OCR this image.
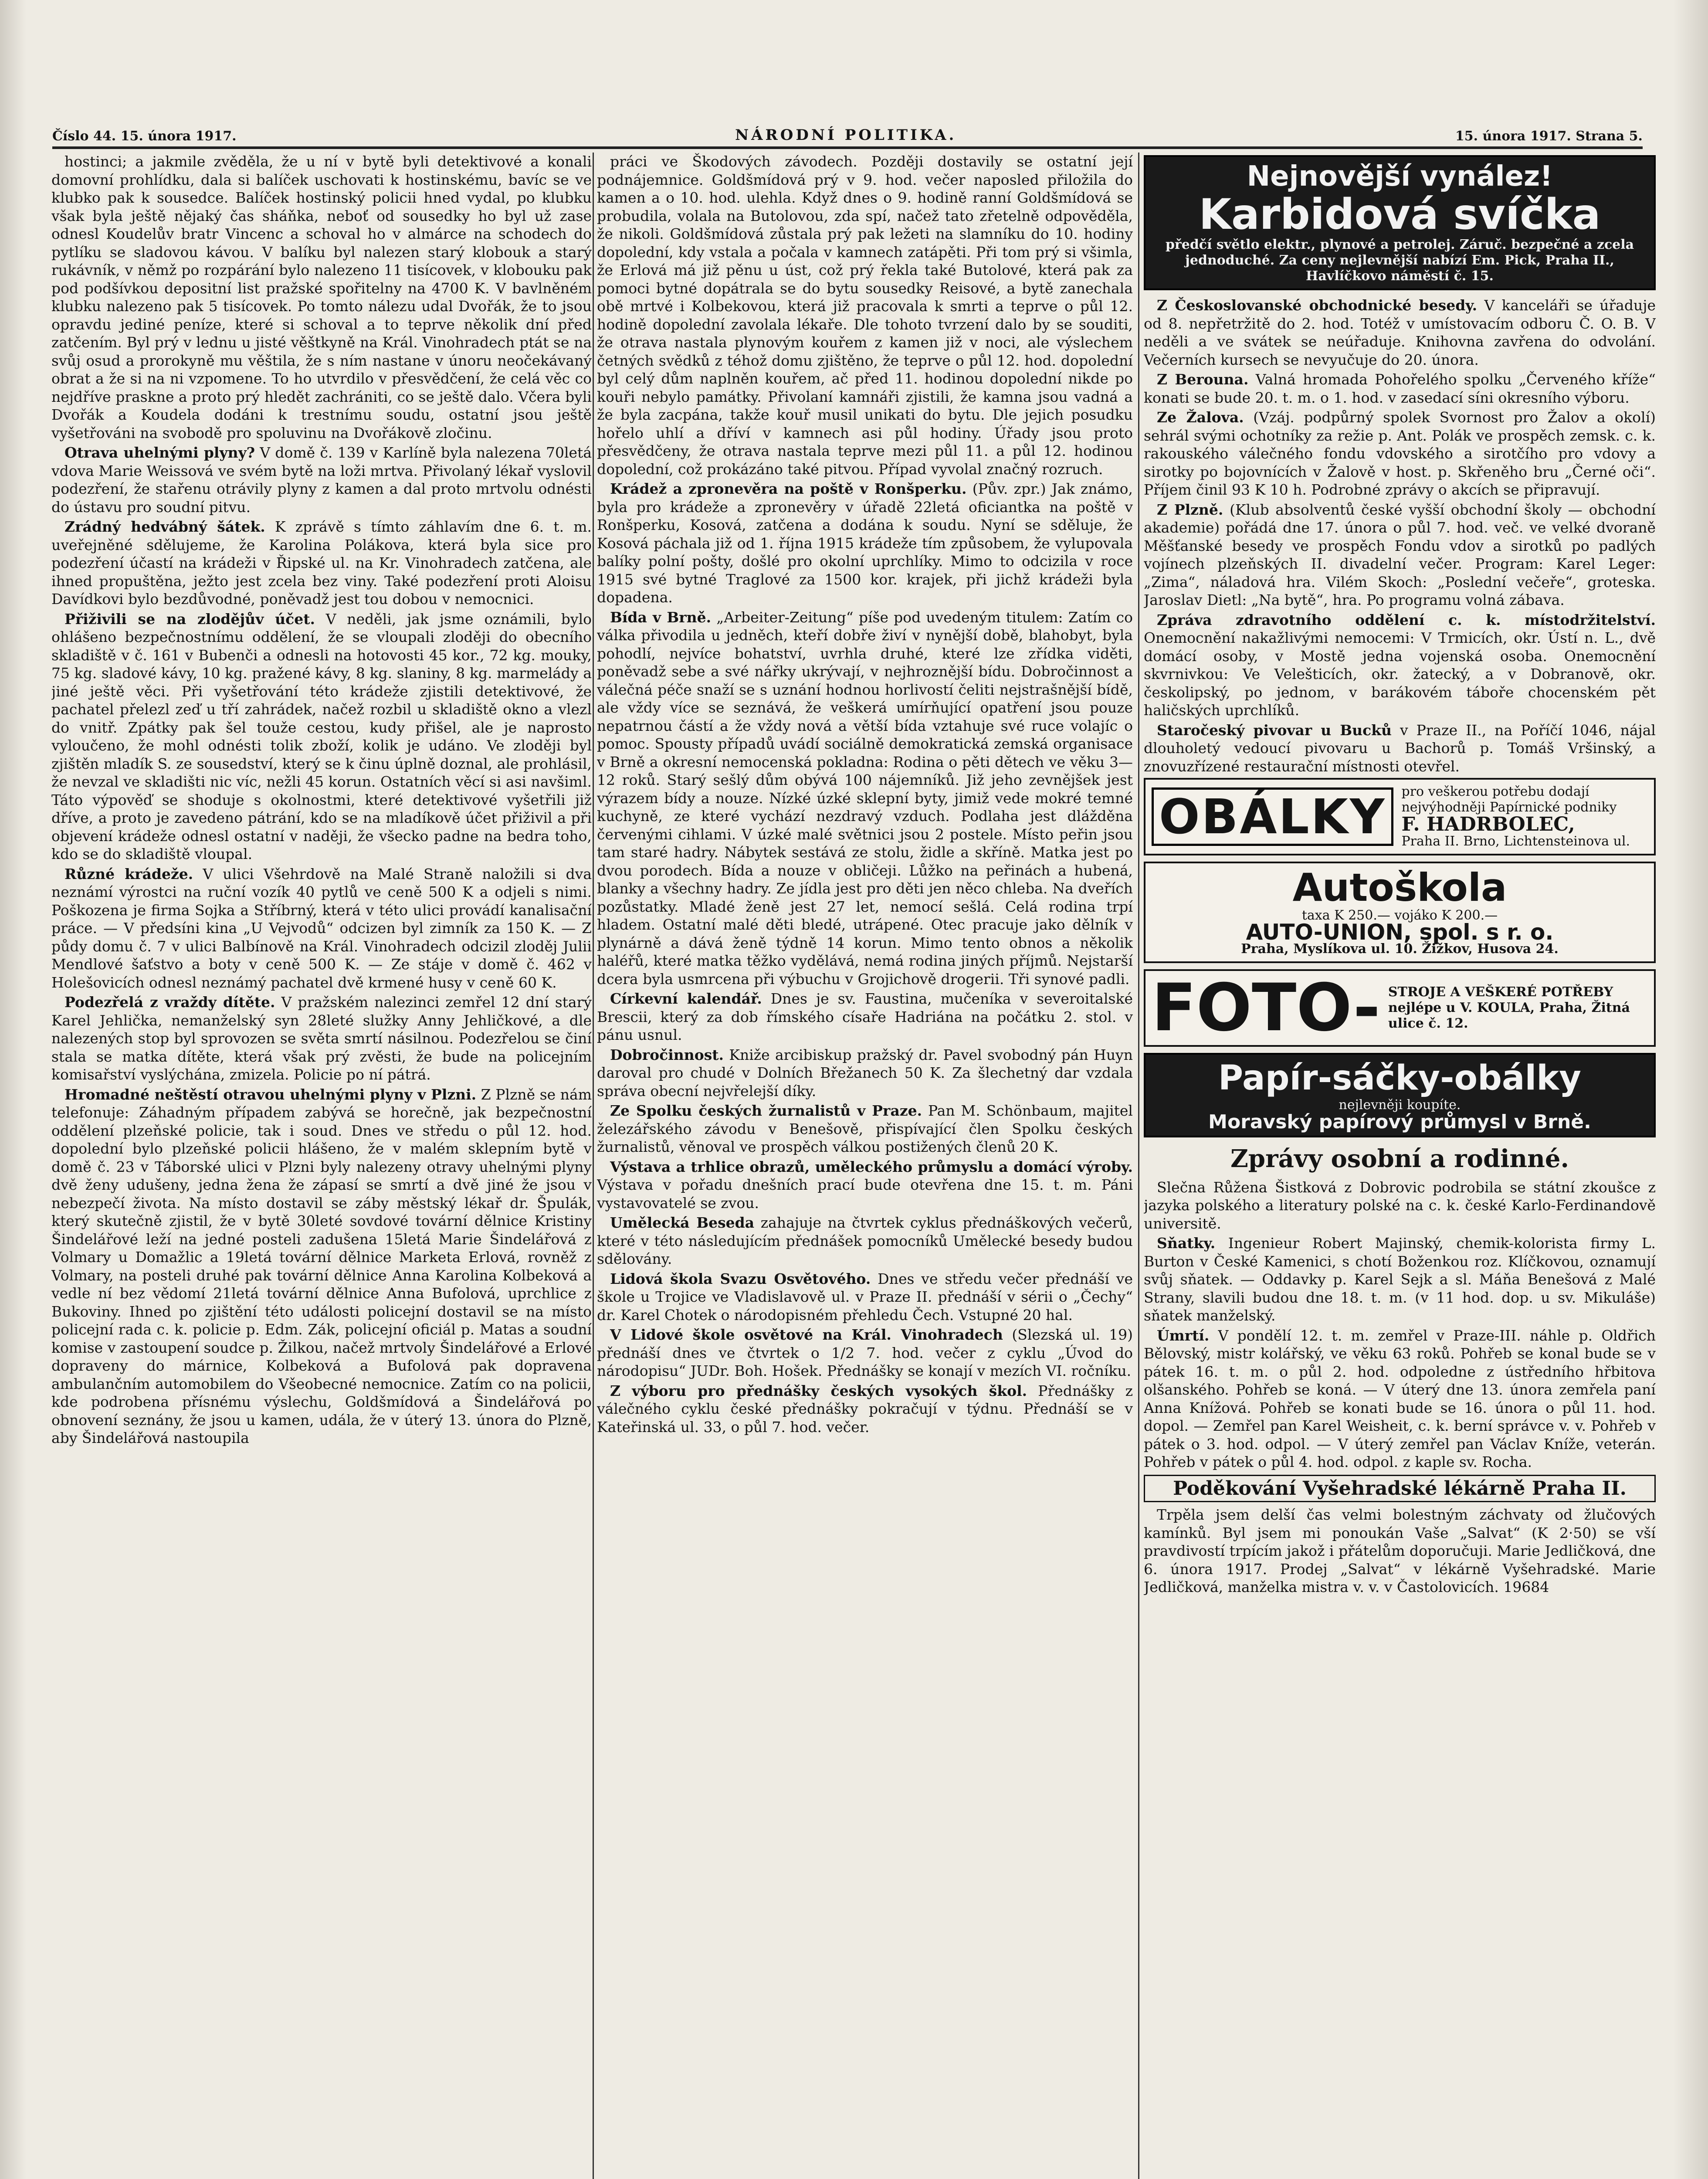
Číslo 44. 15. února 1917.	NÁRODNÍ POLITIKA.	15. února 1917. Strana 5.

hostinci; a jakmile zvěděla, že u ní v bytě byli detektivové a konali domovní prohlídku, dala si balíček uschovati k hostinskému, bavíc se ve klubko pak k sousedce. Balíček hostinský policii hned vydal, po klubku však byla ještě nějaký čas sháňka, neboť od sousedky ho byl už zase odnesl Koudelův bratr Vincenc a schoval ho v almárce na schodech do pytlíku se sladovou kávou. V balíku byl nalezen starý klobouk a starý rukávník, v němž po rozpárání bylo nalezeno 11 tisícovek, v klobouku pak pod podšívkou depositní list pražské spořitelny na 4700 K. V bavlněném klubku nalezeno pak 5 tisícovek. Po tomto nálezu udal Dvořák, že to jsou opravdu jediné peníze, které si schoval a to teprve několik dní před zatčením. Byl prý v lednu u jisté věštkyně na Král. Vinohradech ptát se na svůj osud a prorokyně mu věštila, že s ním nastane v únoru neočekávaný obrat a že si na ni vzpomene. To ho utvrdilo v přesvědčení, že celá věc co nejdříve praskne a proto prý hledět zachrániti, co se ještě dalo. Včera byli Dvořák a Koudela dodáni k trestnímu soudu, ostatní jsou ještě vyšetřováni na svobodě pro spoluvinu na Dvořákově zločinu.

Otrava uhelnými plyny? V domě č. 139 v Karlíně byla nalezena 70letá vdova Marie Weissová ve svém bytě na loži mrtva. Přivolaný lékař vyslovil podezření, že stařenu otrávily plyny z kamen a dal proto mrtvolu odnésti do ústavu pro soudní pitvu.

Zrádný hedvábný šátek. K zprávě s tímto záhlavím dne 6. t. m. uveřejněné sdělujeme, že Karolina Polákova, která byla sice pro podezření účastí na krádeži v Řipské ul. na Kr. Vinohradech zatčena, ale ihned propuštěna, ježto jest zcela bez viny. Také podezření proti Aloisu Davídkovi bylo bezdůvodné, poněvadž jest tou dobou v nemocnici.

Přiživili se na zlodějův účet. V neděli, jak jsme oznámili, bylo ohlášeno bezpečnostnímu oddělení, že se vloupali zloději do obecního skladiště v č. 161 v Bubenči a odnesli na hotovosti 45 kor., 72 kg. mouky, 75 kg. sladové kávy, 10 kg. pražené kávy, 8 kg. slaniny, 8 kg. marmelády a jiné ještě věci. Při vyšetřování této krádeže zjistili detektivové, že pachatel přelezl zeď u tří zahrádek, načež rozbil u skladiště okno a vlezl do vnitř. Zpátky pak šel touže cestou, kudy přišel, ale je naprosto vyloučeno, že mohl odnésti tolik zboží, kolik je udáno. Ve zloději byl zjištěn mladík S. ze sousedství, který se k činu úplně doznal, ale prohlásil, že nevzal ve skladišti nic víc, nežli 45 korun. Ostatních věcí si asi navšiml. Táto výpověď se shoduje s okolnostmi, které detektivové vyšetřili již dříve, a proto je zavedeno pátrání, kdo se na mladíkově účet přiživil a při objevení krádeže odnesl ostatní v naději, že všecko padne na bedra toho, kdo se do skladiště vloupal.

Různé krádeže. V ulici Všehrdově na Malé Straně naložili si dva neznámí výrostci na ruční vozík 40 pytlů ve ceně 500 K a odjeli s nimi. Poškozena je firma Sojka a Stříbrný, která v této ulici provádí kanalisační práce. — V předsíni kina „U Vejvodů“ odcizen byl zimník za 150 K. — Z půdy domu č. 7 v ulici Balbínově na Král. Vinohradech odcizil zloděj Julii Mendlové šaťstvo a boty v ceně 500 K. — Ze stáje v domě č. 462 v Holešovicích odnesl neznámý pachatel dvě krmené husy v ceně 60 K.

Podezřelá z vraždy dítěte. V pražském nalezinci zemřel 12 dní starý Karel Jehlička, nemanželský syn 28leté služky Anny Jehličkové, a dle nalezených stop byl sprovozen se světa smrtí násilnou. Podezřelou se činí stala se matka dítěte, která však prý zvěsti, že bude na policejním komisařství vyslýchána, zmizela. Policie po ní pátrá.

Hromadné neštěstí otravou uhelnými plyny v Plzni. Z Plzně se nám telefonuje: Záhadným případem zabývá se horečně, jak bezpečnostní oddělení plzeňské policie, tak i soud. Dnes ve středu o půl 12. hod. dopolední bylo plzeňské policii hlášeno, že v malém sklepním bytě v domě č. 23 v Táborské ulici v Plzni byly nalezeny otravy uhelnými plyny dvě ženy udušeny, jedna žena že zápasí se smrtí a dvě jiné že jsou v nebezpečí života. Na místo dostavil se záby městský lékař dr. Špulák, který skutečně zjistil, že v bytě 30leté sovdové tovární dělnice Kristiny Šindelářové leží na jedné posteli zadušena 15letá Marie Šindelářová z Volmary u Domažlic a 19letá tovární dělnice Marketa Erlová, rovněž z Volmary, na posteli druhé pak tovární dělnice Anna Karolina Kolbeková a vedle ní bez vědomí 21letá tovární dělnice Anna Bufolová, uprchlice z Bukoviny. Ihned po zjištění této události policejní dostavil se na místo policejní rada c. k. policie p. Edm. Zák, policejní oficiál p. Matas a soudní komise v zastoupení soudce p. Žilkou, načež mrtvoly Šindelářové a Erlové dopraveny do márnice, Kolbeková a Bufolová pak dopravena ambulančním automobilem do Všeobecné nemocnice. Zatím co na policii, kde podrobena přísnému výslechu, Goldšmídová a Šindelářová po obnovení seznány, že jsou u kamen, udála, že v úterý 13. února do Plzně, aby Šindelářová nastoupila

práci ve Škodových závodech. Později dostavily se ostatní její podnájemnice. Goldšmídová prý v 9. hod. večer naposled přiložila do kamen a o 10. hod. ulehla. Když dnes o 9. hodině ranní Goldšmídová se probudila, volala na Butolovou, zda spí, načež tato zřetelně odpověděla, že nikoli. Goldšmídová zůstala prý pak ležeti na slamníku do 10. hodiny dopolední, kdy vstala a počala v kamnech zatápěti. Při tom prý si všimla, že Erlová má již pěnu u úst, což prý řekla také Butolové, která pak za pomoci bytné dopátrala se do bytu sousedky Reisové, a bytě zanechala obě mrtvé i Kolbekovou, která již pracovala k smrti a teprve o půl 12. hodině dopolední zavolala lékaře. Dle tohoto tvrzení dalo by se souditi, že otrava nastala plynovým kouřem z kamen již v noci, ale výslechem četných svědků z téhož domu zjištěno, že teprve o půl 12. hod. dopolední byl celý dům naplněn kouřem, ač před 11. hodinou dopolední nikde po kouři nebylo památky. Přivolaní kamnáři zjistili, že kamna jsou vadná a že byla zacpána, takže kouř musil unikati do bytu. Dle jejich posudku hořelo uhlí a dříví v kamnech asi půl hodiny. Úřady jsou proto přesvědčeny, že otrava nastala teprve mezi půl 11. a půl 12. hodinou dopolední, což prokázáno také pitvou. Případ vyvolal značný rozruch.

Krádež a zpronevěra na poště v Ronšperku. (Pův. zpr.) Jak známo, byla pro krádeže a zpronevěry v úřadě 22letá oficiantka na poště v Ronšperku, Kosová, zatčena a dodána k soudu. Nyní se sděluje, že Kosová páchala již od 1. října 1915 krádeže tím způsobem, že vylupovala balíky polní pošty, došlé pro okolní uprchlíky. Mimo to odcizila v roce 1915 své bytné Traglové za 1500 kor. krajek, při jichž krádeži byla dopadena.

Bída v Brně. „Arbeiter-Zeitung“ píše pod uvedeným titulem: Zatím co válka přivodila u jedněch, kteří dobře živí v nynější době, blahobyt, byla pohodlí, nejvíce bohatství, uvrhla druhé, které lze zřídka viděti, poněvadž sebe a své nářky ukrývají, v nejhroznější bídu. Dobročinnost a válečná péče snaží se s uznání hodnou horlivostí čeliti nejstrašnější bídě, ale vždy více se seznává, že veškerá umírňující opatření jsou pouze nepatrnou částí a že vždy nová a větší bída vztahuje své ruce volajíc o pomoc. Spousty případů uvádí sociálně demokratická zemská organisace v Brně a okresní nemocenská pokladna: Rodina o pěti dětech ve věku 3—12 roků. Starý sešlý dům obývá 100 nájemníků. Již jeho zevnějšek jest výrazem bídy a nouze. Nízké úzké sklepní byty, jimiž vede mokré temné kuchyně, ze které vychází nezdravý vzduch. Podlaha jest dlážděna červenými cihlami. V úzké malé světnici jsou 2 postele. Místo peřin jsou tam staré hadry. Nábytek sestává ze stolu, židle a skříně. Matka jest po dvou porodech. Bída a nouze v obličeji. Lůžko na peřinách a hubená, blanky a všechny hadry. Ze jídla jest pro děti jen něco chleba. Na dveřích pozůstatky. Mladé ženě jest 27 let, nemocí sešlá. Celá rodina trpí hladem. Ostatní malé děti bledé, utrápené. Otec pracuje jako dělník v plynárně a dává ženě týdně 14 korun. Mimo tento obnos a několik haléřů, které matka těžko vydělává, nemá rodina jiných příjmů. Nejstarší dcera byla usmrcena při výbuchu v Grojichově drogerii. Tři synové padli.

Církevní kalendář. Dnes je sv. Faustina, mučeníka v severoitalské Brescii, který za dob římského císaře Hadriána na počátku 2. stol. v pánu usnul.

Dobročinnost. Kniže arcibiskup pražský dr. Pavel svobodný pán Huyn daroval pro chudé v Dolních Břežanech 50 K. Za šlechetný dar vzdala správa obecní nejvřelejší díky.

Ze Spolku českých žurnalistů v Praze. Pan M. Schönbaum, majitel železářského závodu v Benešově, přispívající člen Spolku českých žurnalistů, věnoval ve prospěch válkou postižených členů 20 K.

Výstava a trhlice obrazů, uměleckého průmyslu a domácí výroby. Výstava v pořadu dnešních prací bude otevřena dne 15. t. m. Páni vystavovatelé se zvou.

Umělecká Beseda zahajuje na čtvrtek cyklus přednáškových večerů, které v této následujícím přednášek pomocníků Umělecké besedy budou sdělovány.

Lidová škola Svazu Osvětového. Dnes ve středu večer přednáší ve škole u Trojice ve Vladislavově ul. v Praze II. přednáší v sérii o „Čechy“ dr. Karel Chotek o národopisném přehledu Čech. Vstupné 20 hal.

V Lidové škole osvětové na Král. Vinohradech (Slezská ul. 19) přednáší dnes ve čtvrtek o 1/2 7. hod. večer z cyklu „Úvod do národopisu“ JUDr. Boh. Hošek. Přednášky se konají v mezích VI. ročníku.

Z výboru pro přednášky českých vysokých škol. Přednášky z válečného cyklu české přednášky pokračují v týdnu. Přednáší se v Kateřinská ul. 33, o půl 7. hod. večer.

Nejnovější vynález!
Karbidová svíčka
předčí světlo elektr., plynové a petrolej. Záruč. bezpečné a zcela jednoduché. Za ceny nejlevnější nabízí Em. Pick, Praha II., Havlíčkovo náměstí č. 15.

Z Českoslovanské obchodnické besedy. V kanceláři se úřaduje od 8. nepřetržitě do 2. hod. Totéž v umístovacím odboru Č. O. B. V neděli a ve svátek se neúřaduje. Knihovna zavřena do odvolání. Večerních kursech se nevyučuje do 20. února.

Z Berouna. Valná hromada Pohořelého spolku „Červeného kříže“ konati se bude 20. t. m. o 1. hod. v zasedací síni okresního výboru.

Ze Žalova. (Vzáj. podpůrný spolek Svornost pro Žalov a okolí) sehrál svými ochotníky za režie p. Ant. Polák ve prospěch zemsk. c. k. rakouského válečného fondu vdovského a sirotčího pro vdovy a sirotky po bojovnících v Žalově v host. p. Skřeněho bru „Černé oči“. Příjem činil 93 K 10 h. Podrobné zprávy o akcích se připravují.

Z Plzně. (Klub absolventů české vyšší obchodní školy — obchodní akademie) pořádá dne 17. února o půl 7. hod. več. ve velké dvoraně Měšťanské besedy ve prospěch Fondu vdov a sirotků po padlých vojínech plzeňských II. divadelní večer. Program: Karel Leger: „Zima“, náladová hra. Vilém Skoch: „Poslední večeře“, groteska. Jaroslav Dietl: „Na bytě“, hra. Po programu volná zábava.

Zpráva zdravotního oddělení c. k. místodržitelství. Onemocnění nakažlivými nemocemi: V Trmicích, okr. Ústí n. L., dvě domácí osoby, v Mostě jedna vojenská osoba. Onemocnění skvrnivkou: Ve Velešticích, okr. žatecký, a v Dobranově, okr. českolipský, po jednom, v barákovém táboře chocenském pět haličských uprchlíků.

Staročeský pivovar u Bucků v Praze II., na Poříčí 1046, nájal dlouholetý vedoucí pivovaru u Bachorů p. Tomáš Vršinský, a znovuzřízené restaurační místnosti otevřel.

OBÁLKY	pro veškerou potřebu dodají nejvýhodněji Papírnické podniky
F. HADRBOLEC,
Praha II. Brno, Lichtensteinova ul.
Autoškola
taxa K 250.— vojáko K 200.—
AUTO-UNION, spol. s r. o.
Praha, Myslíkova ul. 10. Žižkov, Husova 24.
FOTO- STROJE A VEŠKERÉ POTŘEBY nejlépe u V. KOULA, Praha, Žitná ulice č. 12.
Papír-sáčky-obálky
nejlevněji koupíte.
Moravský papírový průmysl v Brně.
Zprávy osobní a rodinné.

Slečna Růžena Šistková z Dobrovic podrobila se státní zkoušce z jazyka polského a literatury polské na c. k. české Karlo-Ferdinandově universitě.

Sňatky. Ingenieur Robert Majinský, chemik-kolorista firmy L. Burton v České Kamenici, s chotí Boženkou roz. Klíčkovou, oznamují svůj sňatek. — Oddavky p. Karel Sejk a sl. Máňa Benešová z Malé Strany, slavili budou dne 18. t. m. (v 11 hod. dop. u sv. Mikuláše) sňatek manželský.

Úmrtí. V pondělí 12. t. m. zemřel v Praze-III. náhle p. Oldřich Bělovský, mistr kolářský, ve věku 63 roků. Pohřeb se konal bude se v pátek 16. t. m. o půl 2. hod. odpoledne z ústředního hřbitova olšanského. Pohřeb se koná. — V úterý dne 13. února zemřela paní Anna Knížová. Pohřeb se konati bude se 16. února o půl 11. hod. dopol. — Zemřel pan Karel Weisheit, c. k. berní správce v. v. Pohřeb v pátek o 3. hod. odpol. — V úterý zemřel pan Václav Kníže, veterán. Pohřeb v pátek o půl 4. hod. odpol. z kaple sv. Rocha.

Poděkování Vyšehradské lékárně Praha II.

Trpěla jsem delší čas velmi bolestným záchvaty od žlučových kamínků. Byl jsem mi ponoukán Vaše „Salvat“ (K 2·50) se vší pravdivostí trpícím jakož i přátelům doporučuji. Marie Jedličková, dne 6. února 1917. Prodej „Salvat“ v lékárně Vyšehradské. Marie Jedličková, manželka mistra v. v. v Častolovicích. 19684
